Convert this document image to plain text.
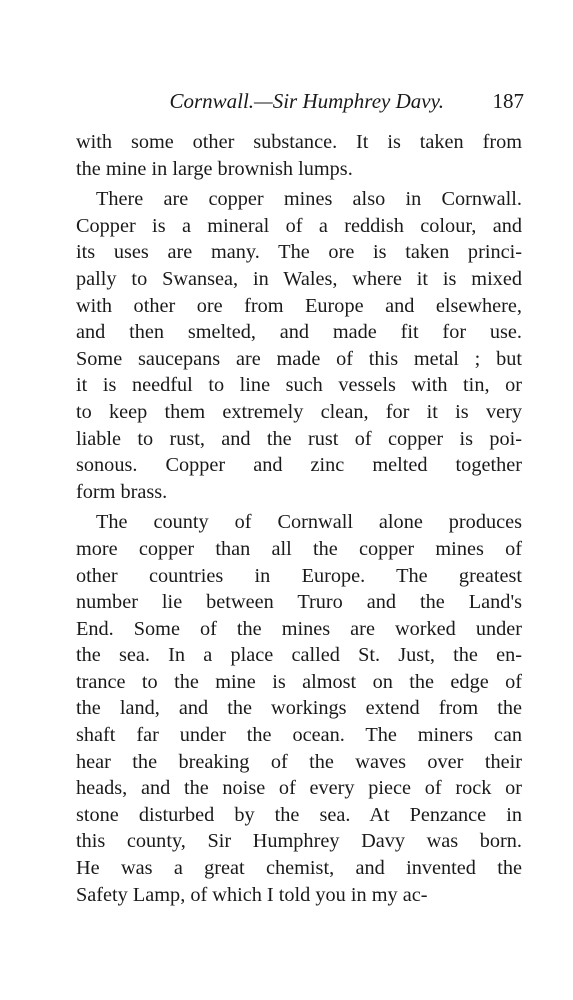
Cornwall.—Sir Humphrey Davy. 187
with some other substance. It is taken from
the mine in large brownish lumps.
There are copper mines also in Cornwall.
Copper is a mineral of a reddish colour, and
its uses are many. The ore is taken princi-
pally to Swansea, in Wales, where it is mixed
with other ore from Europe and elsewhere,
and then smelted, and made fit for use.
Some saucepans are made of this metal ; but
it is needful to line such vessels with tin, or
to keep them extremely clean, for it is very
liable to rust, and the rust of copper is poi-
sonous. Copper and zinc melted together
form brass.
The county of Cornwall alone produces
more copper than all the copper mines of
other countries in Europe. The greatest
number lie between Truro and the Land's
End. Some of the mines are worked under
the sea. In a place called St. Just, the en-
trance to the mine is almost on the edge of
the land, and the workings extend from the
shaft far under the ocean. The miners can
hear the breaking of the waves over their
heads, and the noise of every piece of rock or
stone disturbed by the sea. At Penzance in
this county, Sir Humphrey Davy was born.
He was a great chemist, and invented the
Safety Lamp, of which I told you in my ac-
